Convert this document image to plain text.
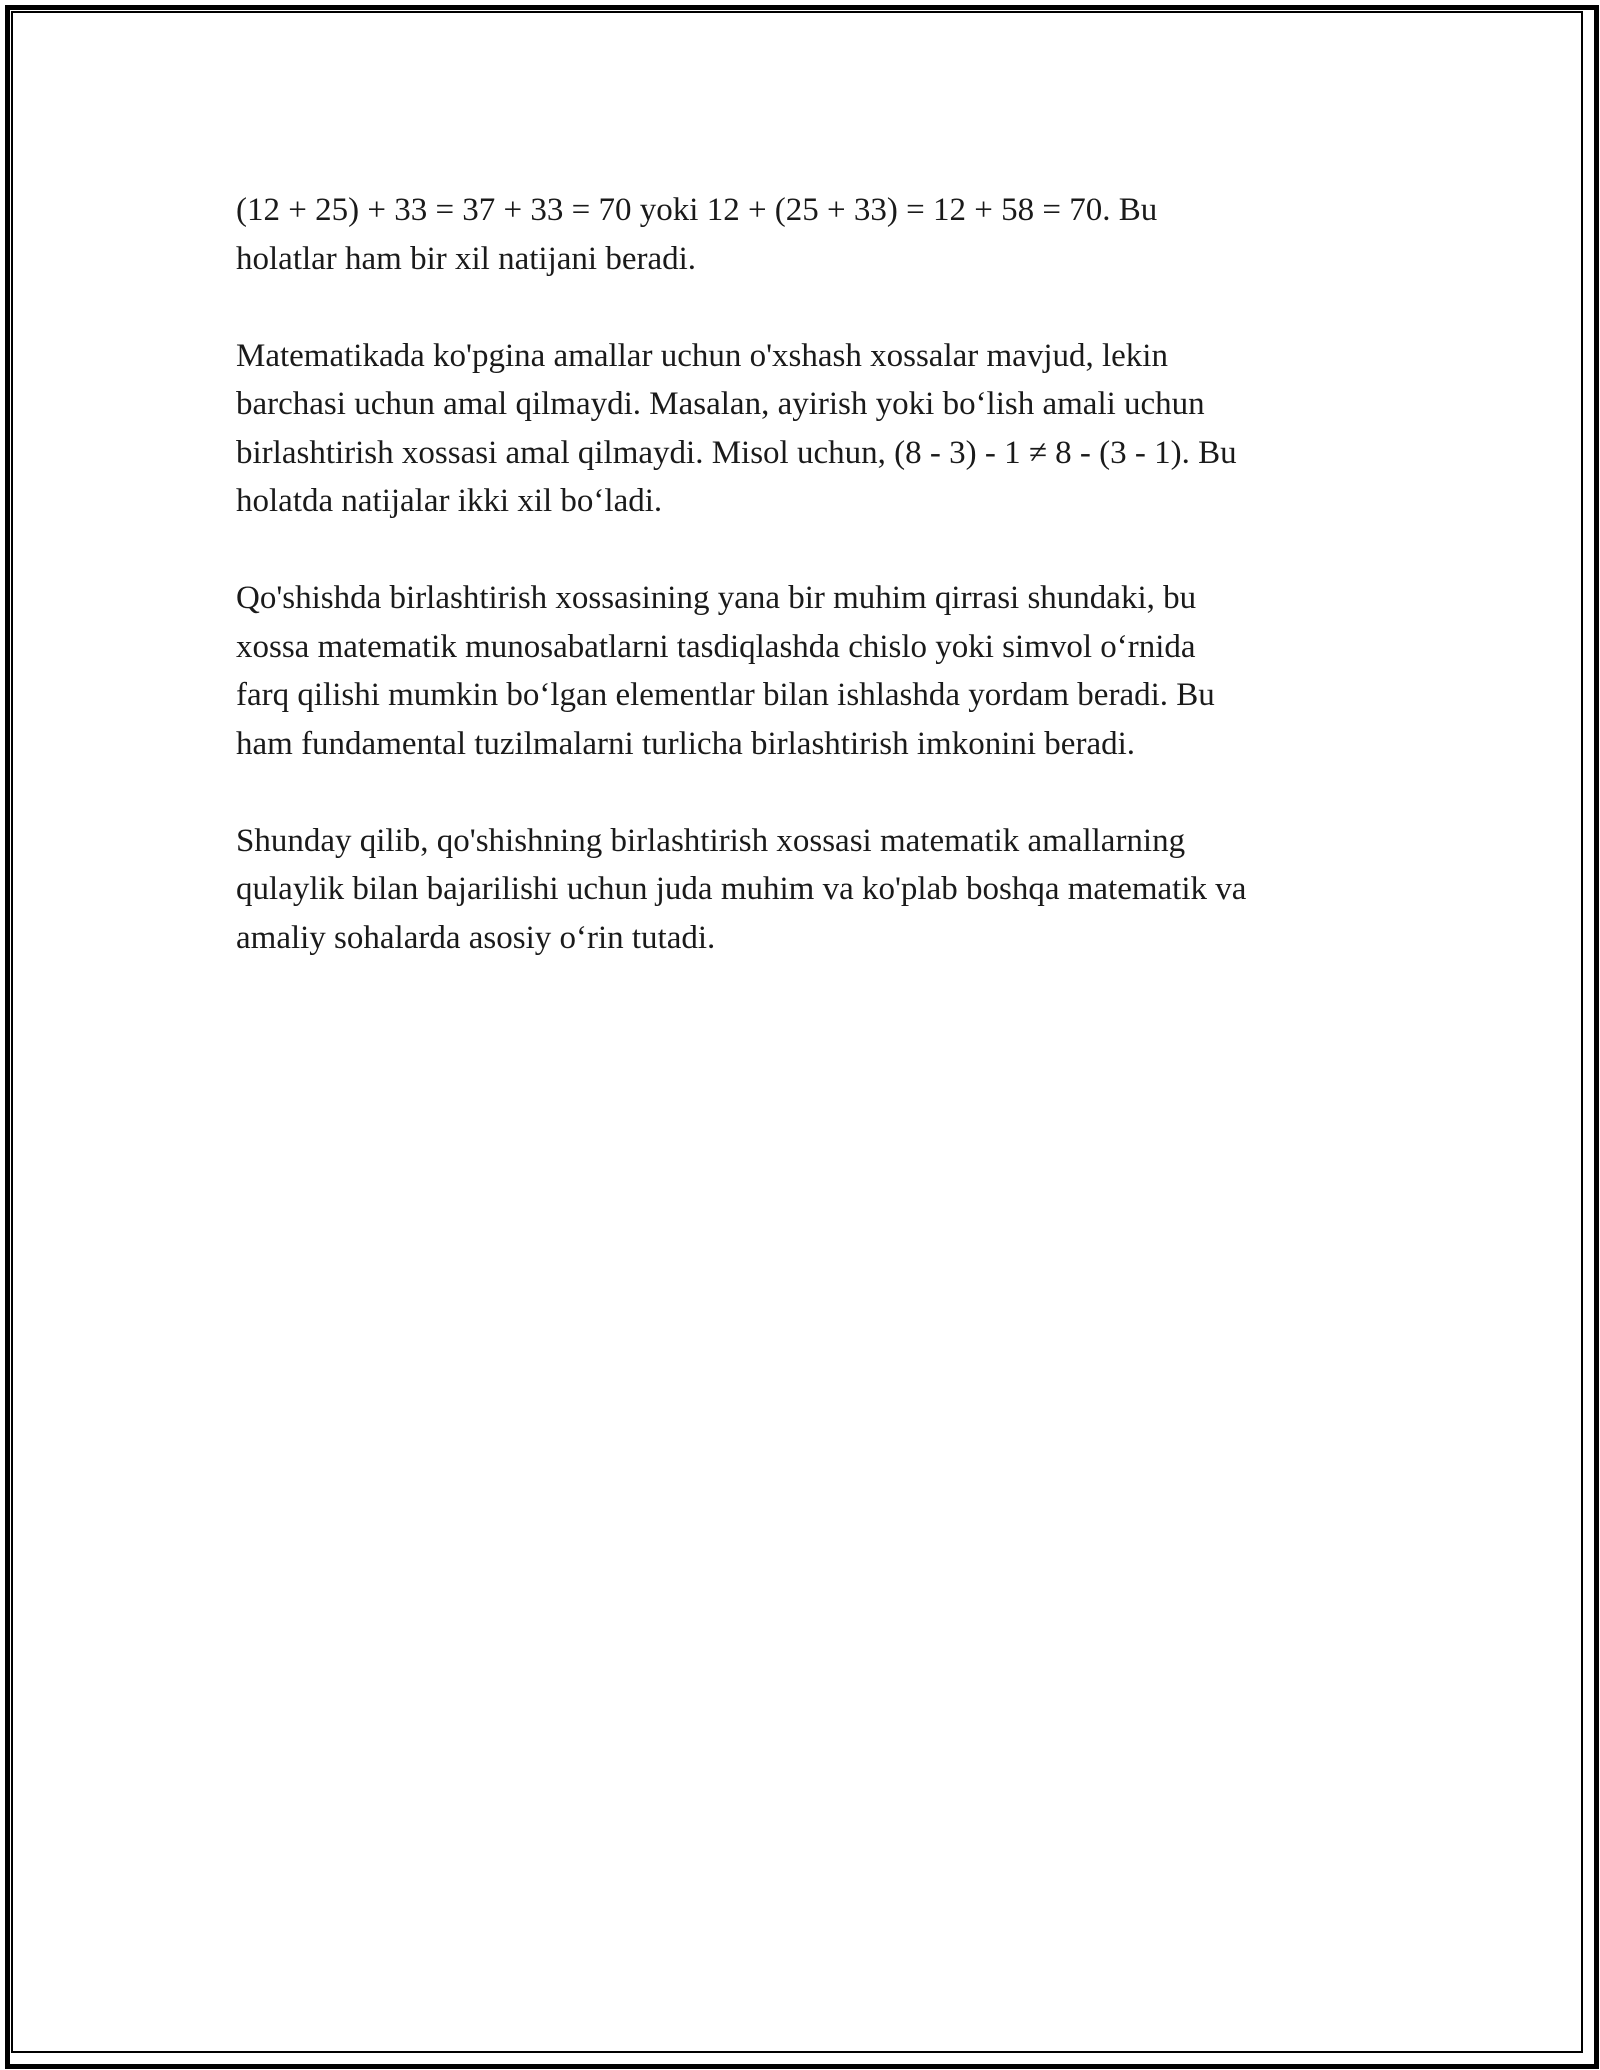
(12 + 25) + 33 = 37 + 33 = 70 yoki 12 + (25 + 33) = 12 + 58 = 70. Bu
holatlar ham bir xil natijani beradi.

Matematikada ko'pgina amallar uchun o'xshash xossalar mavjud, lekin
barchasi uchun amal qilmaydi. Masalan, ayirish yoki bo‘lish amali uchun
birlashtirish xossasi amal qilmaydi. Misol uchun, (8 - 3) - 1 ≠ 8 - (3 - 1). Bu
holatda natijalar ikki xil bo‘ladi.

Qo'shishda birlashtirish xossasining yana bir muhim qirrasi shundaki, bu
xossa matematik munosabatlarni tasdiqlashda chislo yoki simvol o‘rnida
farq qilishi mumkin bo‘lgan elementlar bilan ishlashda yordam beradi. Bu
ham fundamental tuzilmalarni turlicha birlashtirish imkonini beradi.

Shunday qilib, qo'shishning birlashtirish xossasi matematik amallarning
qulaylik bilan bajarilishi uchun juda muhim va ko'plab boshqa matematik va
amaliy sohalarda asosiy o‘rin tutadi.
